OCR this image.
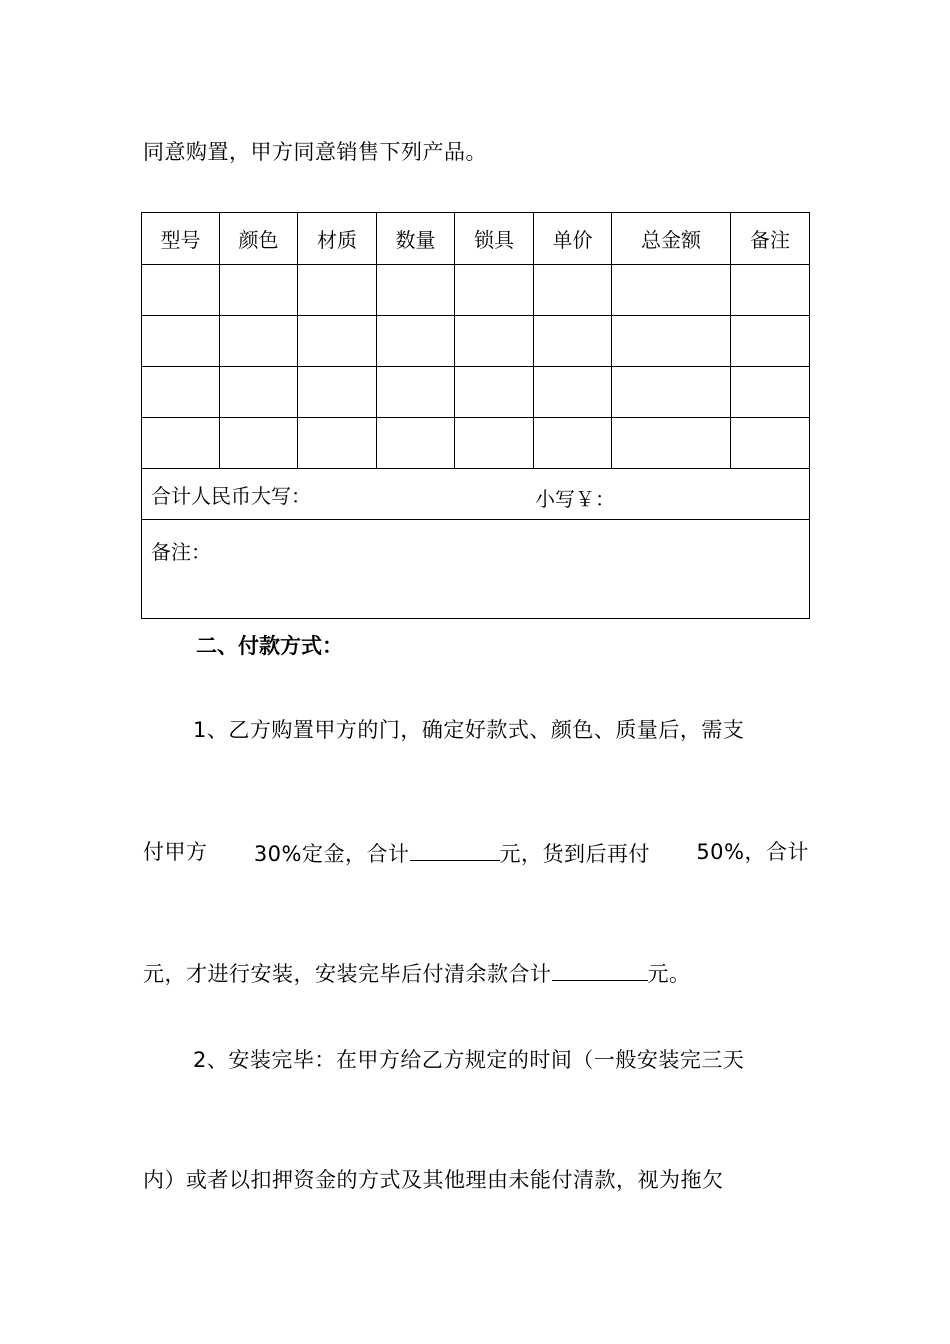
同意购置，甲方同意销售下列产品。
型号	颜色	材质	数量	锁具	单价	总金额	备注

合计人民币大写： 小写￥：							

备注：							
二、付款方式：
1、乙方购置甲方的门，确定好款式、颜色、质量后，需支
付甲方 30%定金，合计	元，货到后再付 50%，合计
元，才进行安装，安装完毕后付清余款合计	元。
2、安装完毕：在甲方给乙方规定的时间（一般安装完三天
内）或者以扣押资金的方式及其他理由未能付清款，视为拖欠
